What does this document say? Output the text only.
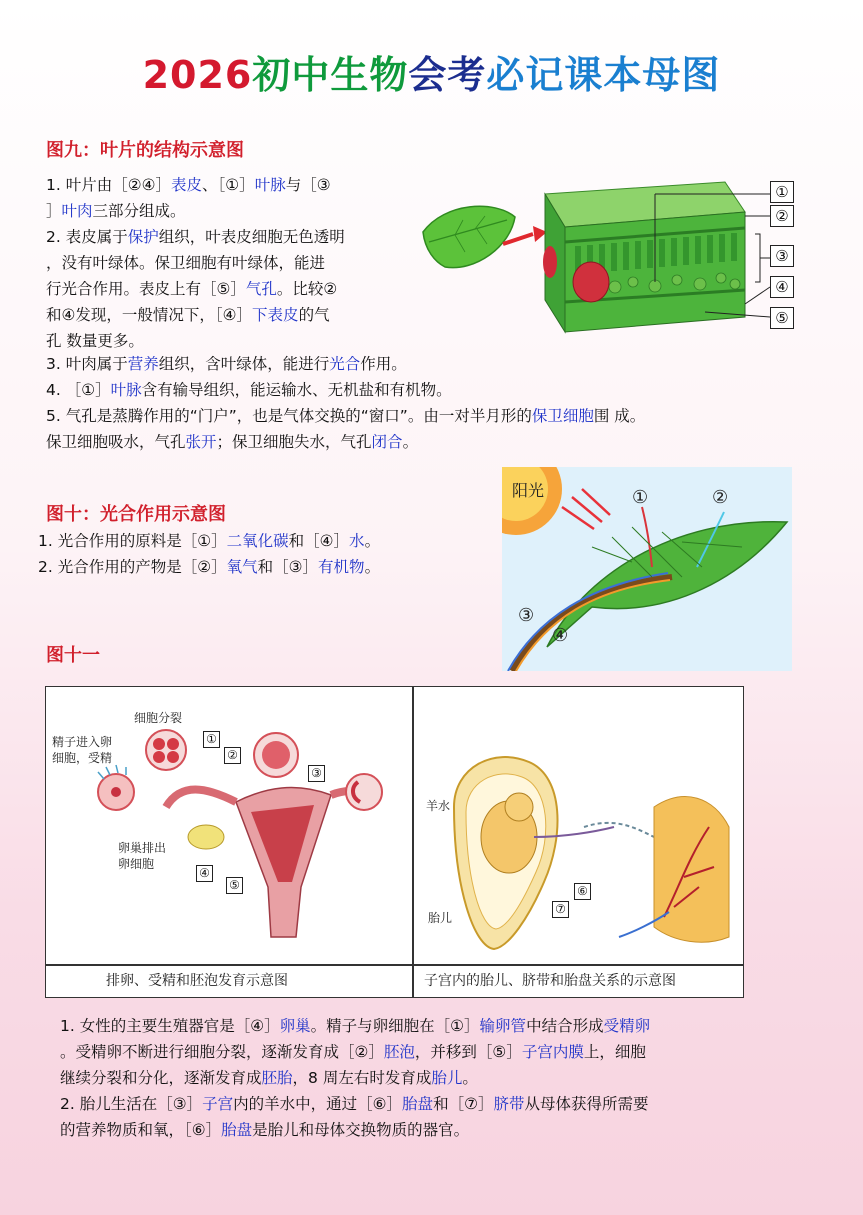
2026初中生物会考必记课本母图
图九：叶片的结构示意图
1. 叶片由［②④］表皮、［①］叶脉与［③
］叶肉三部分组成。
2. 表皮属于保护组织，叶表皮细胞无色透明
，没有叶绿体。保卫细胞有叶绿体，能进
行光合作用。表皮上有［⑤］气孔。比较②
和④发现，一般情况下，［④］下表皮的气
孔 数量更多。
3. 叶肉属于营养组织，含叶绿体，能进行光合作用。
4. ［①］叶脉含有输导组织，能运输水、无机盐和有机物。
5. 气孔是蒸腾作用的“门户”，也是气体交换的“窗口”。由一对半月形的保卫细胞围 成。
保卫细胞吸水，气孔张开；保卫细胞失水，气孔闭合。
①
②
③
④
⑤
图十：光合作用示意图
1. 光合作用的原料是［①］二氧化碳和［④］水。
2. 光合作用的产物是［②］氧气和［③］有机物。
阳光	①	②
③
④
图十一
细胞分裂
精子进入卵
细胞，受精
卵巢排出
卵细胞
①
②
③
④
⑤
羊水
胎儿
⑥
⑦
排卵、受精和胚泡发育示意图	子宫内的胎儿、脐带和胎盘关系的示意图
1. 女性的主要生殖器官是［④］卵巢。精子与卵细胞在［①］输卵管中结合形成受精卵
。受精卵不断进行细胞分裂，逐渐发育成［②］胚泡，并移到［⑤］子宫内膜上，细胞
继续分裂和分化，逐渐发育成胚胎，8 周左右时发育成胎儿。
2. 胎儿生活在［③］子宫内的羊水中，通过［⑥］胎盘和［⑦］脐带从母体获得所需要
的营养物质和氧，［⑥］胎盘是胎儿和母体交换物质的器官。
